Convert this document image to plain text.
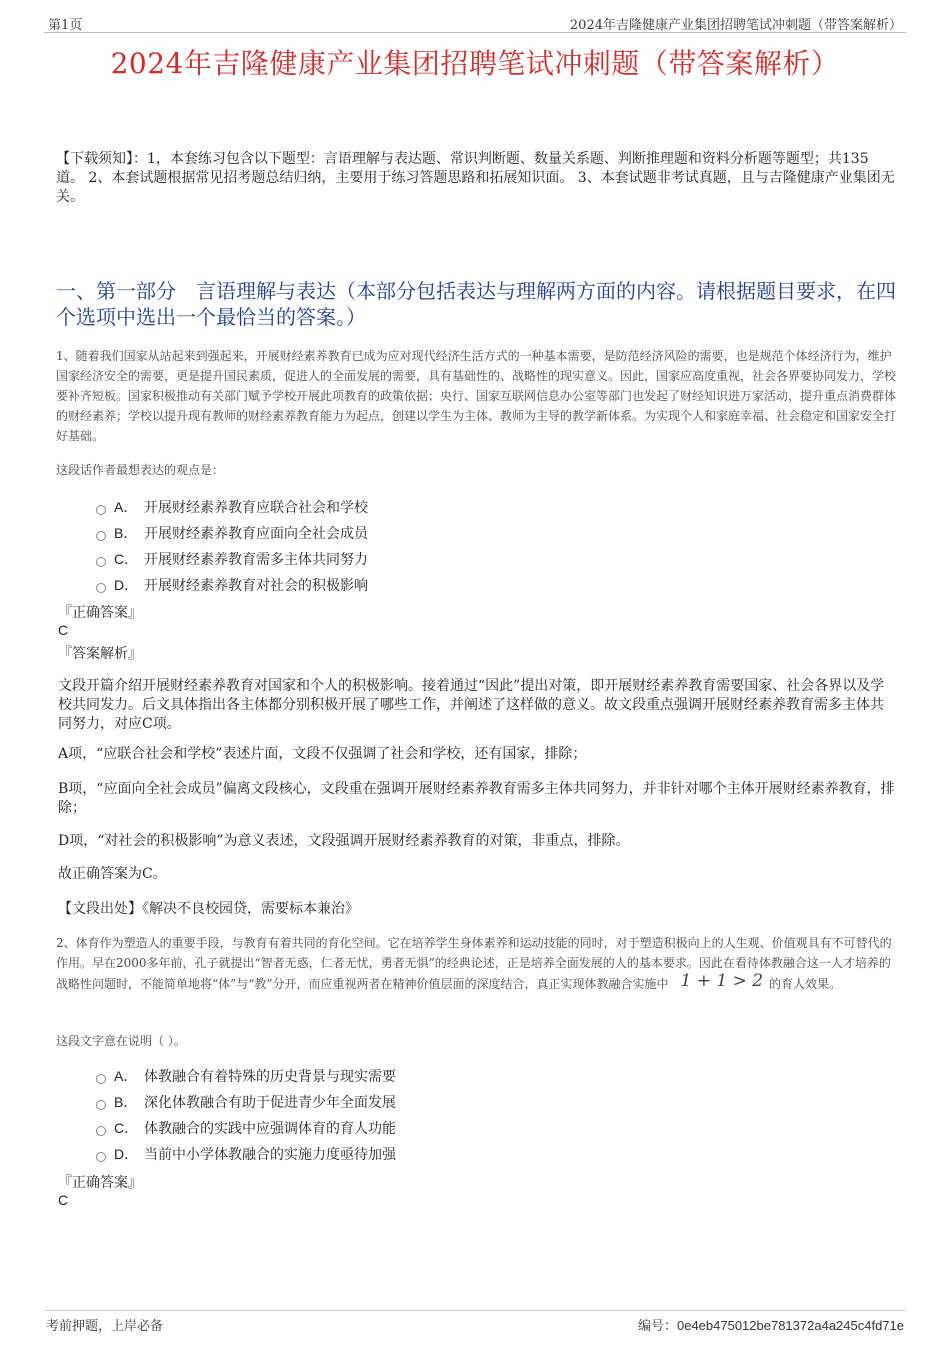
第1页	2024年吉隆健康产业集团招聘笔试冲刺题（带答案解析）
2024年吉隆健康产业集团招聘笔试冲刺题（带答案解析）
【下载须知】：1，本套练习包含以下题型：言语理解与表达题、常识判断题、数量关系题、判断推理题和资料分析题等题型；共135道。 2、本套试题根据常见招考题总结归纳，主要用于练习答题思路和拓展知识面。 3、本套试题非考试真题，且与吉隆健康产业集团无关。
一、第一部分　言语理解与表达（本部分包括表达与理解两方面的内容。请根据题目要求，在四个选项中选出一个最恰当的答案。）
1、随着我们国家从站起来到强起来，开展财经素养教育已成为应对现代经济生活方式的一种基本需要，是防范经济风险的需要，也是规范个体经济行为，维护国家经济安全的需要，更是提升国民素质，促进人的全面发展的需要，具有基础性的、战略性的现实意义。因此，国家应高度重视，社会各界要协同发力，学校要补齐短板。国家积极推动有关部门赋予学校开展此项教育的政策依据；央行、国家互联网信息办公室等部门也发起了财经知识进万家活动，提升重点消费群体的财经素养；学校以提升现有教师的财经素养教育能力为起点，创建以学生为主体、教师为主导的教学新体系。为实现个人和家庭幸福、社会稳定和国家安全打好基础。
这段话作者最想表达的观点是：
A． 开展财经素养教育应联合社会和学校
B． 开展财经素养教育应面向全社会成员
C． 开展财经素养教育需多主体共同努力
D． 开展财经素养教育对社会的积极影响
『正确答案』
C
『答案解析』
文段开篇介绍开展财经素养教育对国家和个人的积极影响。接着通过“因此”提出对策，即开展财经素养教育需要国家、社会各界以及学校共同发力。后文具体指出各主体都分别积极开展了哪些工作，并阐述了这样做的意义。故文段重点强调开展财经素养教育需多主体共同努力，对应C项。
A项，“应联合社会和学校”表述片面，文段不仅强调了社会和学校，还有国家，排除；
B项，“应面向全社会成员”偏离文段核心，文段重在强调开展财经素养教育需多主体共同努力，并非针对哪个主体开展财经素养教育，排除；
D项，“对社会的积极影响”为意义表述，文段强调开展财经素养教育的对策，非重点，排除。
故正确答案为C。
【文段出处】《解决不良校园贷，需要标本兼治》
2、体育作为塑造人的重要手段，与教育有着共同的育化空间。它在培养学生身体素养和运动技能的同时，对于塑造积极向上的人生观、价值观具有不可替代的作用。早在2000多年前，孔子就提出“智者无惑，仁者无忧，勇者无惧”的经典论述，正是培养全面发展的人的基本要求。因此在看待体教融合这一人才培养的战略性问题时，不能简单地将“体”与“教”分开，而应重视两者在精神价值层面的深度结合，真正实现体教融合实施中 1 + 1 > 2 的育人效果。
这段文字意在说明（ ）。
A． 体教融合有着特殊的历史背景与现实需要
B． 深化体教融合有助于促进青少年全面发展
C． 体教融合的实践中应强调体育的育人功能
D． 当前中小学体教融合的实施力度亟待加强
『正确答案』
C
考前押题，上岸必备	编号：0e4eb475012be781372a4a245c4fd71e
